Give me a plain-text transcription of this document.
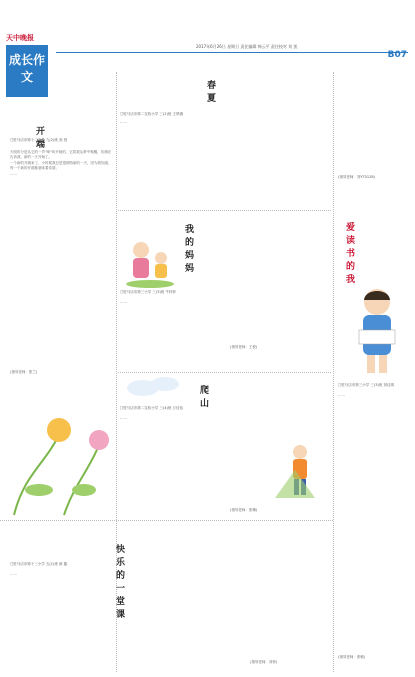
天中晚报
成长作文
2017年6月26日 星期日 责任编辑 韩云平 责任校对 刘 凯
B07
开 端
□驻马店市第十二中学 九(2)班 高 悦

天明时分是从它的一声"啼"叫开始的，它将我从梦中唤醒，仿佛在告诉我，新的一天开始了。

一个新的开端来了，小时候我总是很期待新的一天，因为我知道，每一个新的开端都意味着希望。

……

(指导老师：张兰)
春 夏
□驻马店市第二实验小学 三(2)班 王梦涵

……

(指导老师：刘YT0128)
我的妈妈
□驻马店市第三小学 三(3)班 牛梓菲

……

(指导老师：王悦)
爱读书的我
□驻马店市第三小学 三(3)班 刘佳琪

……

(指导老师：张敏)
爬 山
□驻马店市第二实验小学 三(4)班 万佳怡

……

(指导老师：张琳)
快乐的一堂课
□驻马店市第十三小学 五(1)班 薛 鑫

……

(指导老师：刘菲)
